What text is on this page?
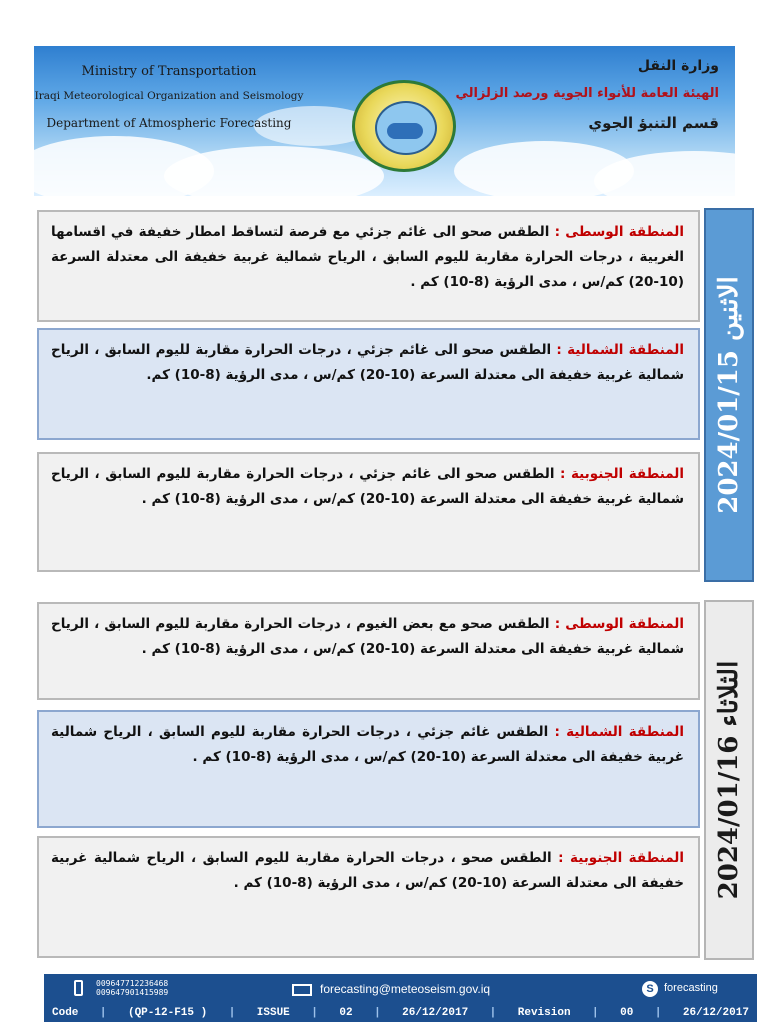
Ministry of Transportation
Iraqi Meteorological Organization and Seismology
Department of Atmospheric Forecasting
وزارة النقل
الهيئة العامة للأنواء الجوية ورصد الزلزالي
قسم التنبؤ الجوي
الاثنين 2024/01/15
المنطقة الوسطى : الطقس صحو الى غائم جزئي مع فرصة لتساقط امطار خفيفة في اقسامها الغربية ، درجات الحرارة مقاربة لليوم السابق ، الرياح شمالية غربية خفيفة الى معتدلة السرعة (10-20) كم/س ، مدى الرؤية (8-10) كم .
المنطقة الشمالية : الطقس صحو الى غائم جزئي ، درجات الحرارة مقاربة لليوم السابق ، الرياح شمالية غربية خفيفة الى معتدلة السرعة (10-20) كم/س ، مدى الرؤية (8-10) كم.
المنطقة الجنوبية : الطقس صحو الى غائم جزئي ، درجات الحرارة مقاربة لليوم السابق ، الرياح شمالية غربية خفيفة الى معتدلة السرعة (10-20) كم/س ، مدى الرؤية (8-10) كم .
الثلاثاء 2024/01/16
المنطقة الوسطى : الطقس صحو مع بعض الغيوم ، درجات الحرارة مقاربة لليوم السابق ، الرياح شمالية غربية خفيفة الى معتدلة السرعة (10-20) كم/س ، مدى الرؤية (8-10) كم .
المنطقة الشمالية : الطقس غائم جزئي ، درجات الحرارة مقاربة لليوم السابق ، الرياح شمالية غربية خفيفة الى معتدلة السرعة (10-20) كم/س ، مدى الرؤية (8-10) كم .
المنطقة الجنوبية : الطقس صحو ، درجات الحرارة مقاربة لليوم السابق ، الرياح شمالية غربية خفيفة الى معتدلة السرعة (10-20) كم/س ، مدى الرؤية (8-10) كم .
009647712236468
009647901415989	forecasting@meteoseism.gov.iq	S forecasting
Code | (QP-12-F15 ) | ISSUE | 02 | 26/12/2017 | Revision | 00 | 26/12/2017
